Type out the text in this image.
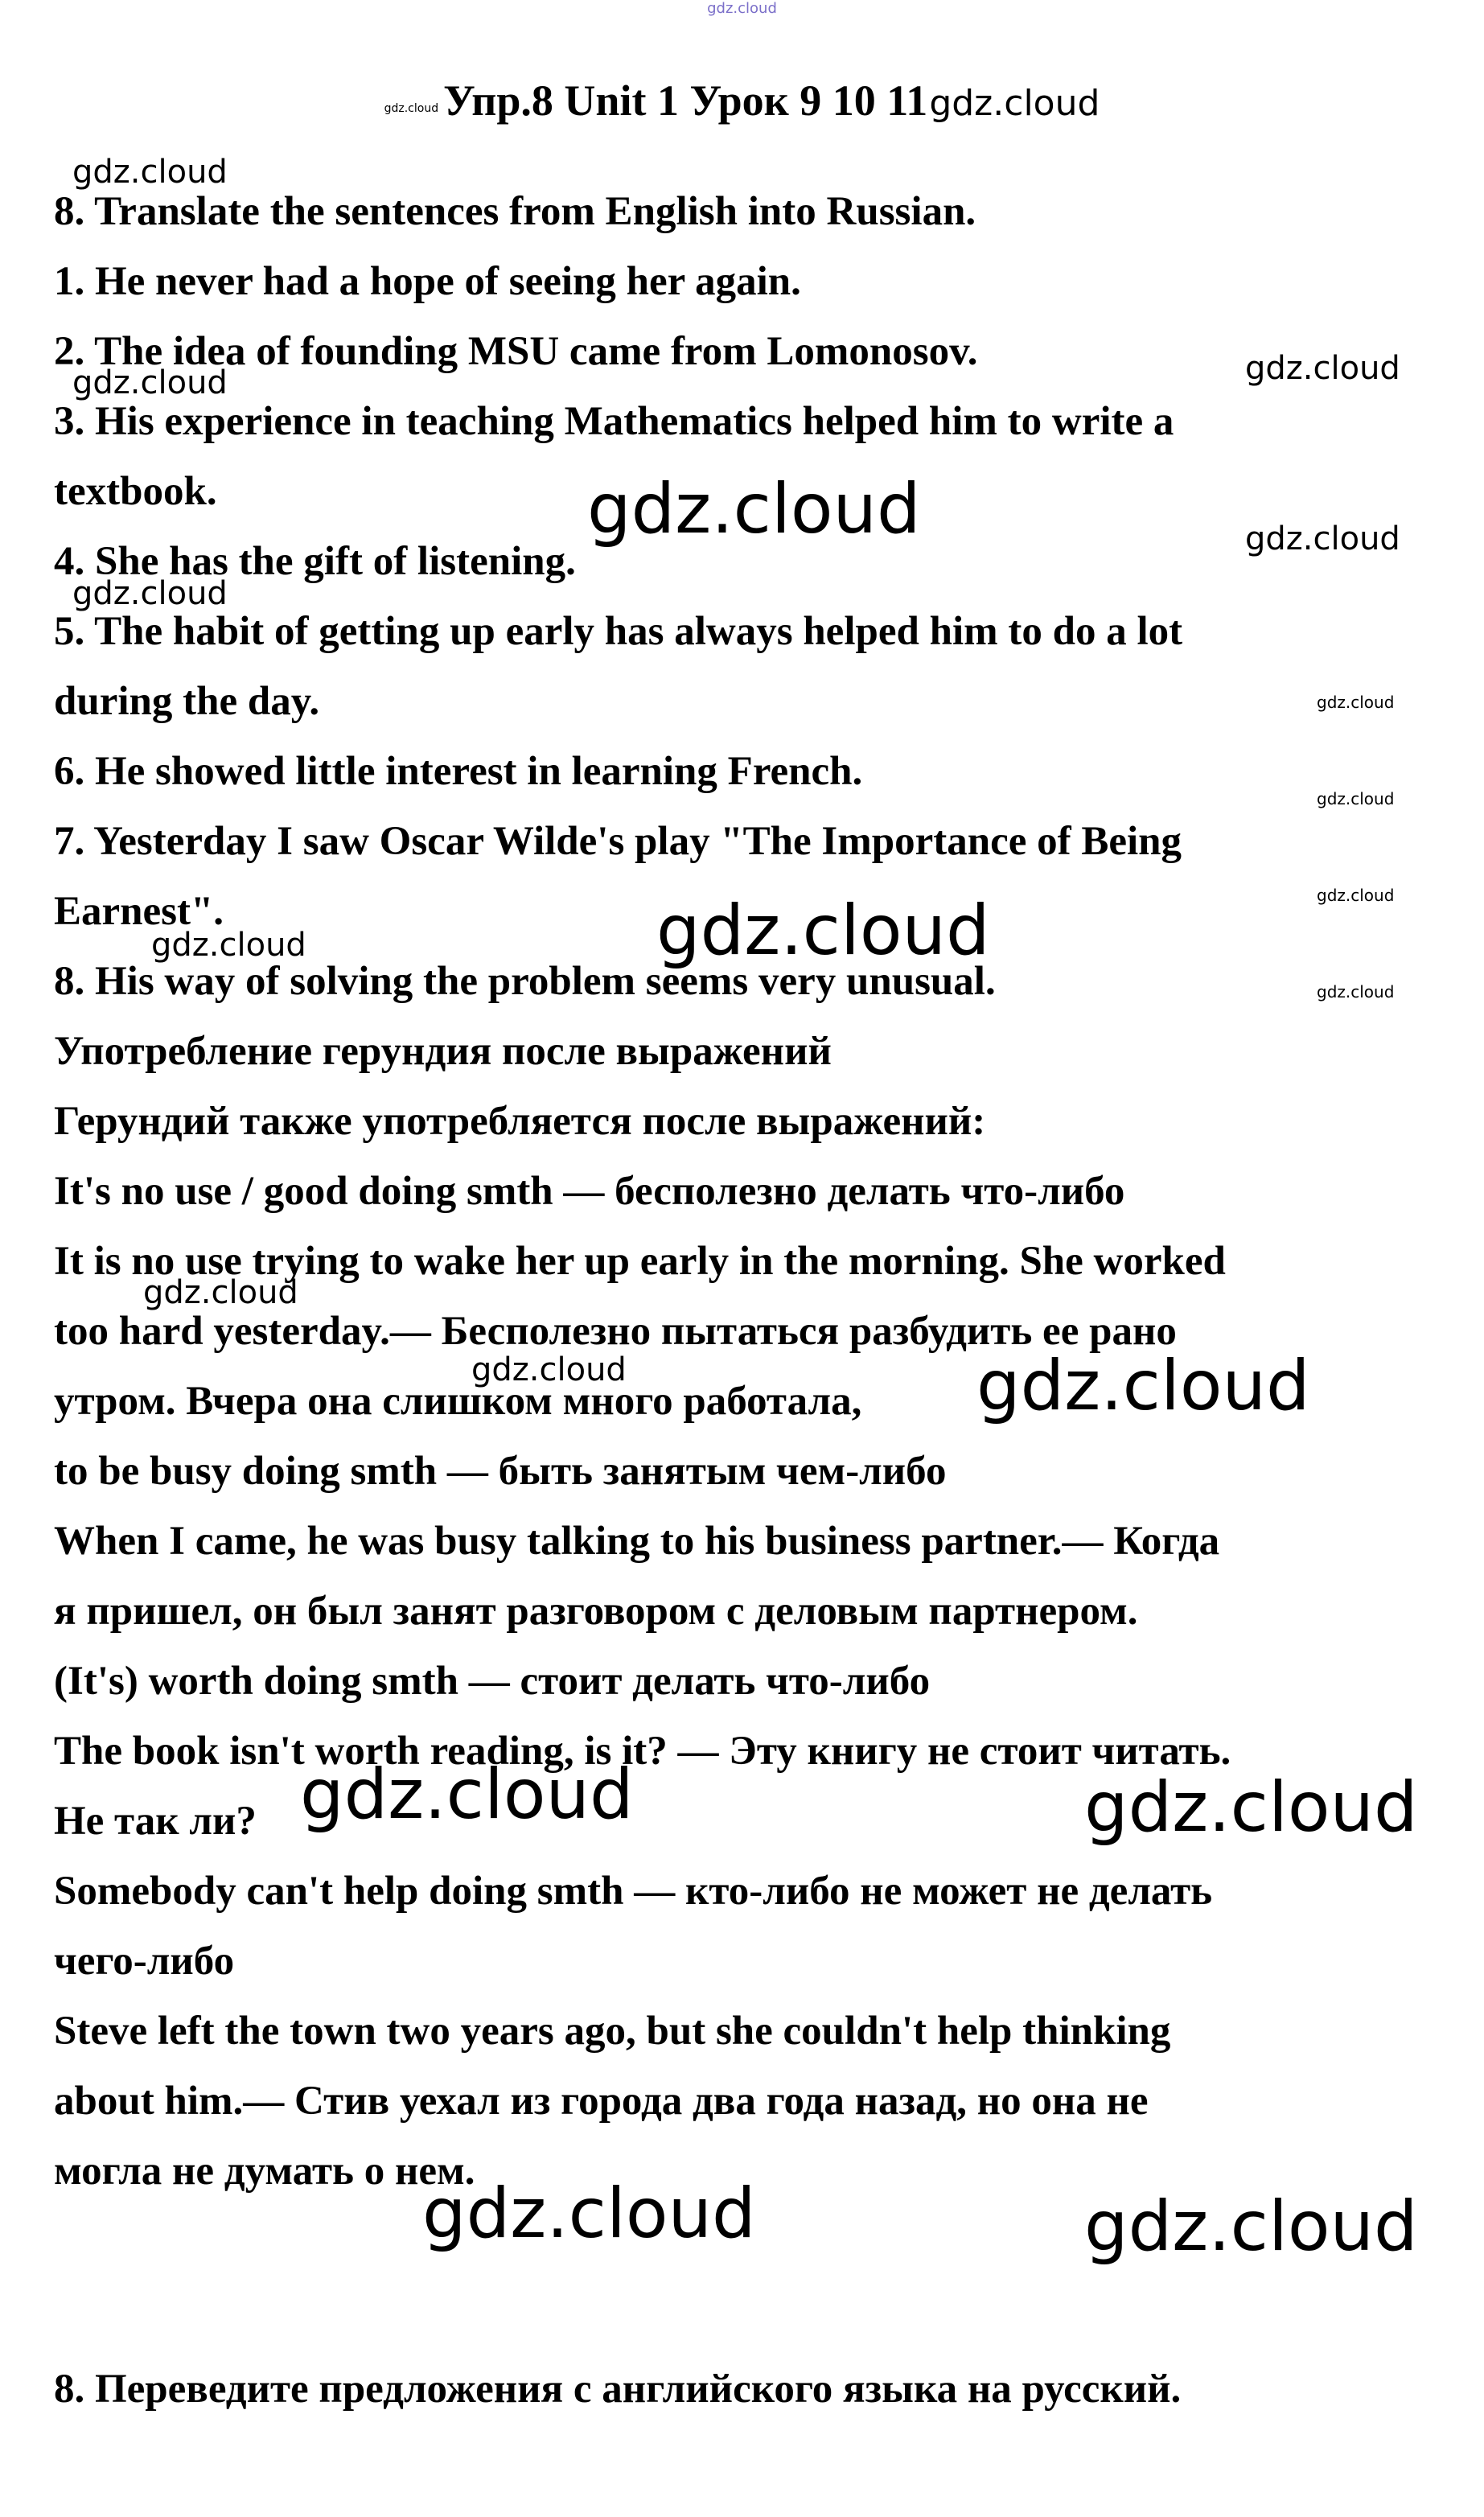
gdz.cloud
gdz.cloud Упр.8 Unit 1 Урок 9 10 11gdz.cloud
8. Translate the sentences from English into Russian.
1. He never had a hope of seeing her again.
2. The idea of founding MSU came from Lomonosov.
3. His experience in teaching Mathematics helped him to write a
textbook.
4. She has the gift of listening.
5. The habit of getting up early has always helped him to do a lot
during the day.
6. He showed little interest in learning French.
7. Yesterday I saw Oscar Wilde's play "The Importance of Being
Earnest".
8. His way of solving the problem seems very unusual.
Употребление герундия после выражений
Герундий также употребляется после выражений:
It's no use / good doing smth — бесполезно делать что-либо
It is no use trying to wake her up early in the morning. She worked
too hard yesterday.— Бесполезно пытаться разбудить ее рано
утром. Вчера она слишком много работала,
to be busy doing smth — быть занятым чем-либо
When I came, he was busy talking to his business partner.— Когда
я пришел, он был занят разговором с деловым партнером.
(It's) worth doing smth — стоит делать что-либо
The book isn't worth reading, is it? — Эту книгу не стоит читать.
Не так ли?
Somebody can't help doing smth — кто-либо не может не делать
чего-либо
Steve left the town two years ago, but she couldn't help thinking
about him.— Стив уехал из города два года назад, но она не
могла не думать о нем.
8. Переведите предложения с английского языка на русский.
gdz.cloud
gdz.cloud	gdz.cloud
gdz.cloud	gdz.cloud
gdz.cloud
gdz.cloud
gdz.cloud
gdz.cloud
gdz.cloud
gdz.cloud
gdz.cloud
gdz.cloud
gdz.cloud	gdz.cloud
gdz.cloud	gdz.cloud
gdz.cloud	gdz.cloud
